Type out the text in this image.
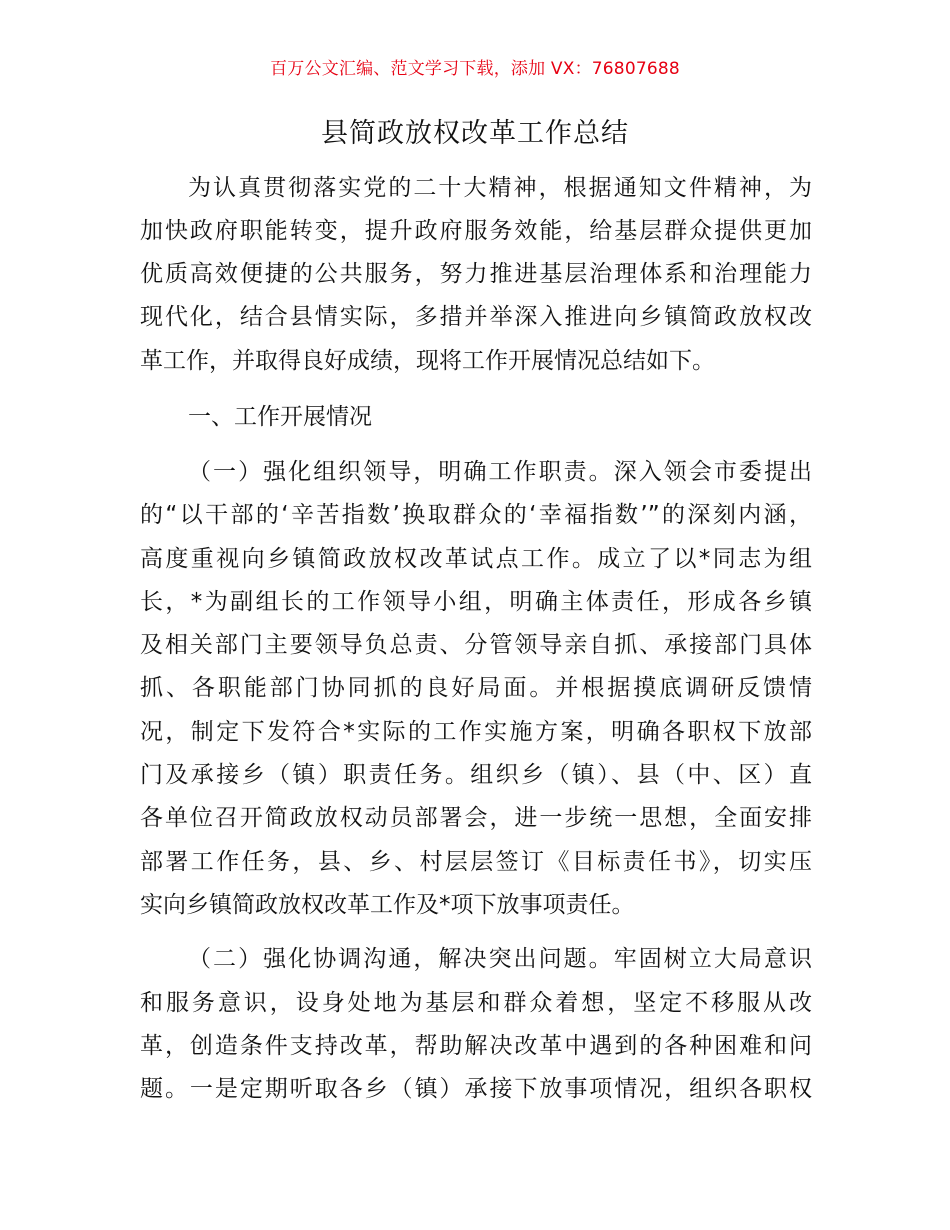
百万公文汇编、范文学习下载，添加 VX：76807688
县简政放权改革工作总结
为认真贯彻落实党的二十大精神，根据通知文件精神，为
加快政府职能转变，提升政府服务效能，给基层群众提供更加
优质高效便捷的公共服务，努力推进基层治理体系和治理能力
现代化，结合县情实际，多措并举深入推进向乡镇简政放权改
革工作，并取得良好成绩，现将工作开展情况总结如下。
一、工作开展情况
（一）强化组织领导，明确工作职责。深入领会市委提出
的“以干部的‘辛苦指数’换取群众的‘幸福指数’”的深刻内涵，
高度重视向乡镇简政放权改革试点工作。成立了以*同志为组
长，*为副组长的工作领导小组，明确主体责任，形成各乡镇
及相关部门主要领导负总责、分管领导亲自抓、承接部门具体
抓、各职能部门协同抓的良好局面。并根据摸底调研反馈情
况，制定下发符合*实际的工作实施方案，明确各职权下放部
门及承接乡（镇）职责任务。组织乡（镇）、县（中、区）直
各单位召开简政放权动员部署会，进一步统一思想，全面安排
部署工作任务，县、乡、村层层签订《目标责任书》，切实压
实向乡镇简政放权改革工作及*项下放事项责任。
（二）强化协调沟通，解决突出问题。牢固树立大局意识
和服务意识，设身处地为基层和群众着想，坚定不移服从改
革，创造条件支持改革，帮助解决改革中遇到的各种困难和问
题。一是定期听取各乡（镇）承接下放事项情况，组织各职权
